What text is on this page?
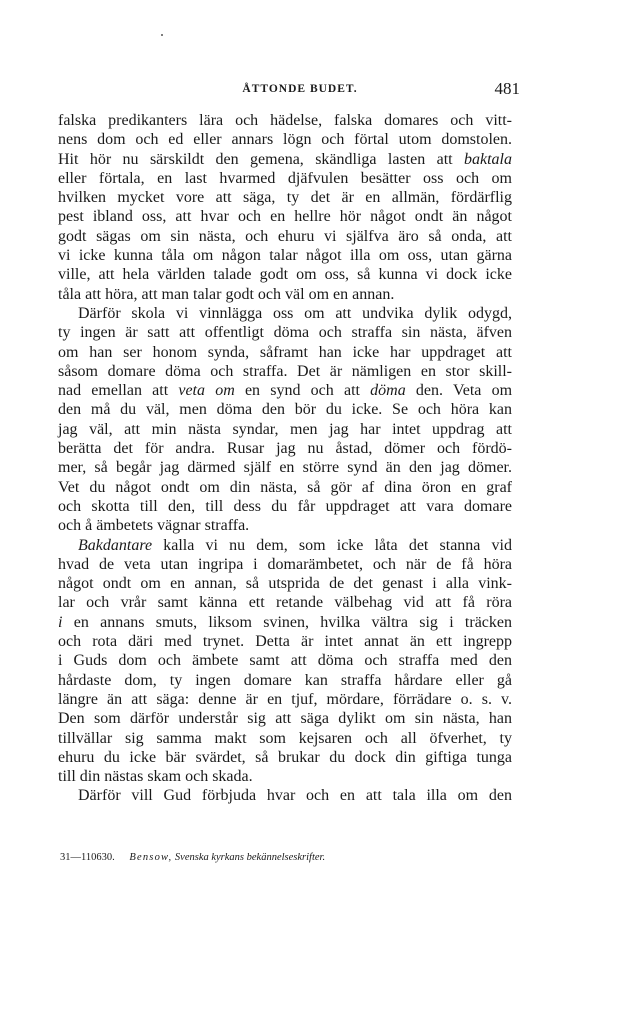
ÅTTONDE BUDET.	481
falska predikanters lära och hädelse, falska domares och vitt-
nens dom och ed eller annars lögn och förtal utom domstolen.
Hit hör nu särskildt den gemena, skändliga lasten att baktala
eller förtala, en last hvarmed djäfvulen besätter oss och om
hvilken mycket vore att säga, ty det är en allmän, fördärflig
pest ibland oss, att hvar och en hellre hör något ondt än något
godt sägas om sin nästa, och ehuru vi själfva äro så onda, att
vi icke kunna tåla om någon talar något illa om oss, utan gärna
ville, att hela världen talade godt om oss, så kunna vi dock icke
tåla att höra, att man talar godt och väl om en annan.
Därför skola vi vinnlägga oss om att undvika dylik odygd,
ty ingen är satt att offentligt döma och straffa sin nästa, äfven
om han ser honom synda, såframt han icke har uppdraget att
såsom domare döma och straffa. Det är nämligen en stor skill-
nad emellan att veta om en synd och att döma den. Veta om
den må du väl, men döma den bör du icke. Se och höra kan
jag väl, att min nästa syndar, men jag har intet uppdrag att
berätta det för andra. Rusar jag nu åstad, dömer och fördö-
mer, så begår jag därmed själf en större synd än den jag dömer.
Vet du något ondt om din nästa, så gör af dina öron en graf
och skotta till den, till dess du får uppdraget att vara domare
och å ämbetets vägnar straffa.
Bakdantare kalla vi nu dem, som icke låta det stanna vid
hvad de veta utan ingripa i domarämbetet, och när de få höra
något ondt om en annan, så utsprida de det genast i alla vink-
lar och vrår samt känna ett retande välbehag vid att få röra
i en annans smuts, liksom svinen, hvilka vältra sig i träcken
och rota däri med trynet. Detta är intet annat än ett ingrepp
i Guds dom och ämbete samt att döma och straffa med den
hårdaste dom, ty ingen domare kan straffa hårdare eller gå
längre än att säga: denne är en tjuf, mördare, förrädare o. s. v.
Den som därför understår sig att säga dylikt om sin nästa, han
tillvällar sig samma makt som kejsaren och all öfverhet, ty
ehuru du icke bär svärdet, så brukar du dock din giftiga tunga
till din nästas skam och skada.
Därför vill Gud förbjuda hvar och en att tala illa om den
31—110630. Bensow, Svenska kyrkans bekännelseskrifter.
